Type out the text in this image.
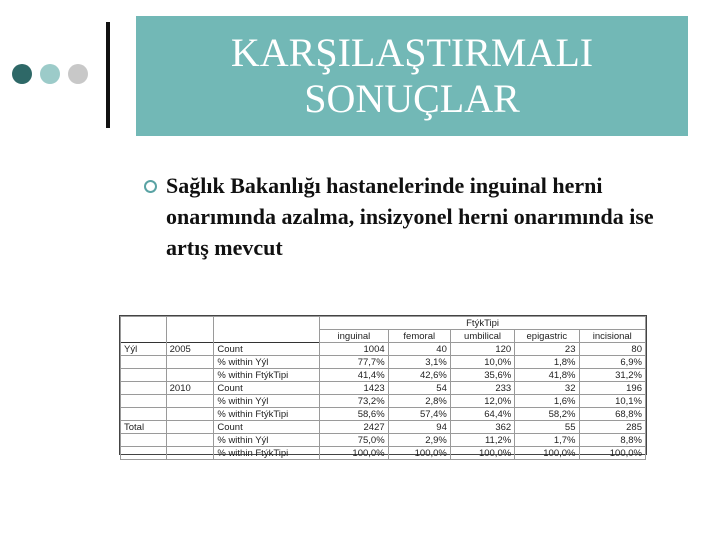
KARŞILAŞTIRMALI
SONUÇLAR
Sağlık Bakanlığı hastanelerinde inguinal herni onarımında azalma, insizyonel herni onarımında ise artış mevcut
			FtýkTipi				
			inguinal	femoral	umbilical	epigastric	incisional
Yýl	2005	Count	1004	40	120	23	80
		% within Yýl	77,7%	3,1%	10,0%	1,8%	6,9%
		% within FtýkTipi	41,4%	42,6%	35,6%	41,8%	31,2%
	2010	Count	1423	54	233	32	196
		% within Yýl	73,2%	2,8%	12,0%	1,6%	10,1%
		% within FtýkTipi	58,6%	57,4%	64,4%	58,2%	68,8%
Total		Count	2427	94	362	55	285
		% within Yýl	75,0%	2,9%	11,2%	1,7%	8,8%
		% within FtýkTipi	100,0%	100,0%	100,0%	100,0%	100,0%
